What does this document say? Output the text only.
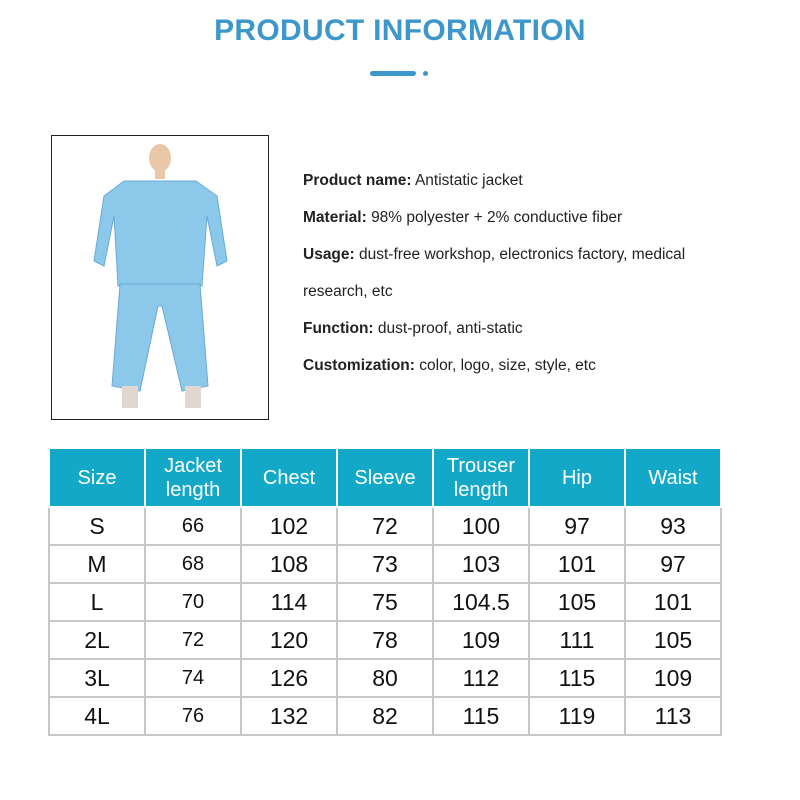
PRODUCT INFORMATION
Product name: Antistatic jacket
Material: 98% polyester + 2% conductive fiber
Usage: dust-free workshop, electronics factory, medical
research, etc
Function: dust-proof, anti-static
Customization: color, logo, size, style, etc
Size	Jacket length	Chest	Sleeve	Trouser length	Hip	Waist
S	66	102	72	100	97	93
M	68	108	73	103	101	97
L	70	114	75	104.5	105	101
2L	72	120	78	109	111	105
3L	74	126	80	112	115	109
4L	76	132	82	115	119	113
